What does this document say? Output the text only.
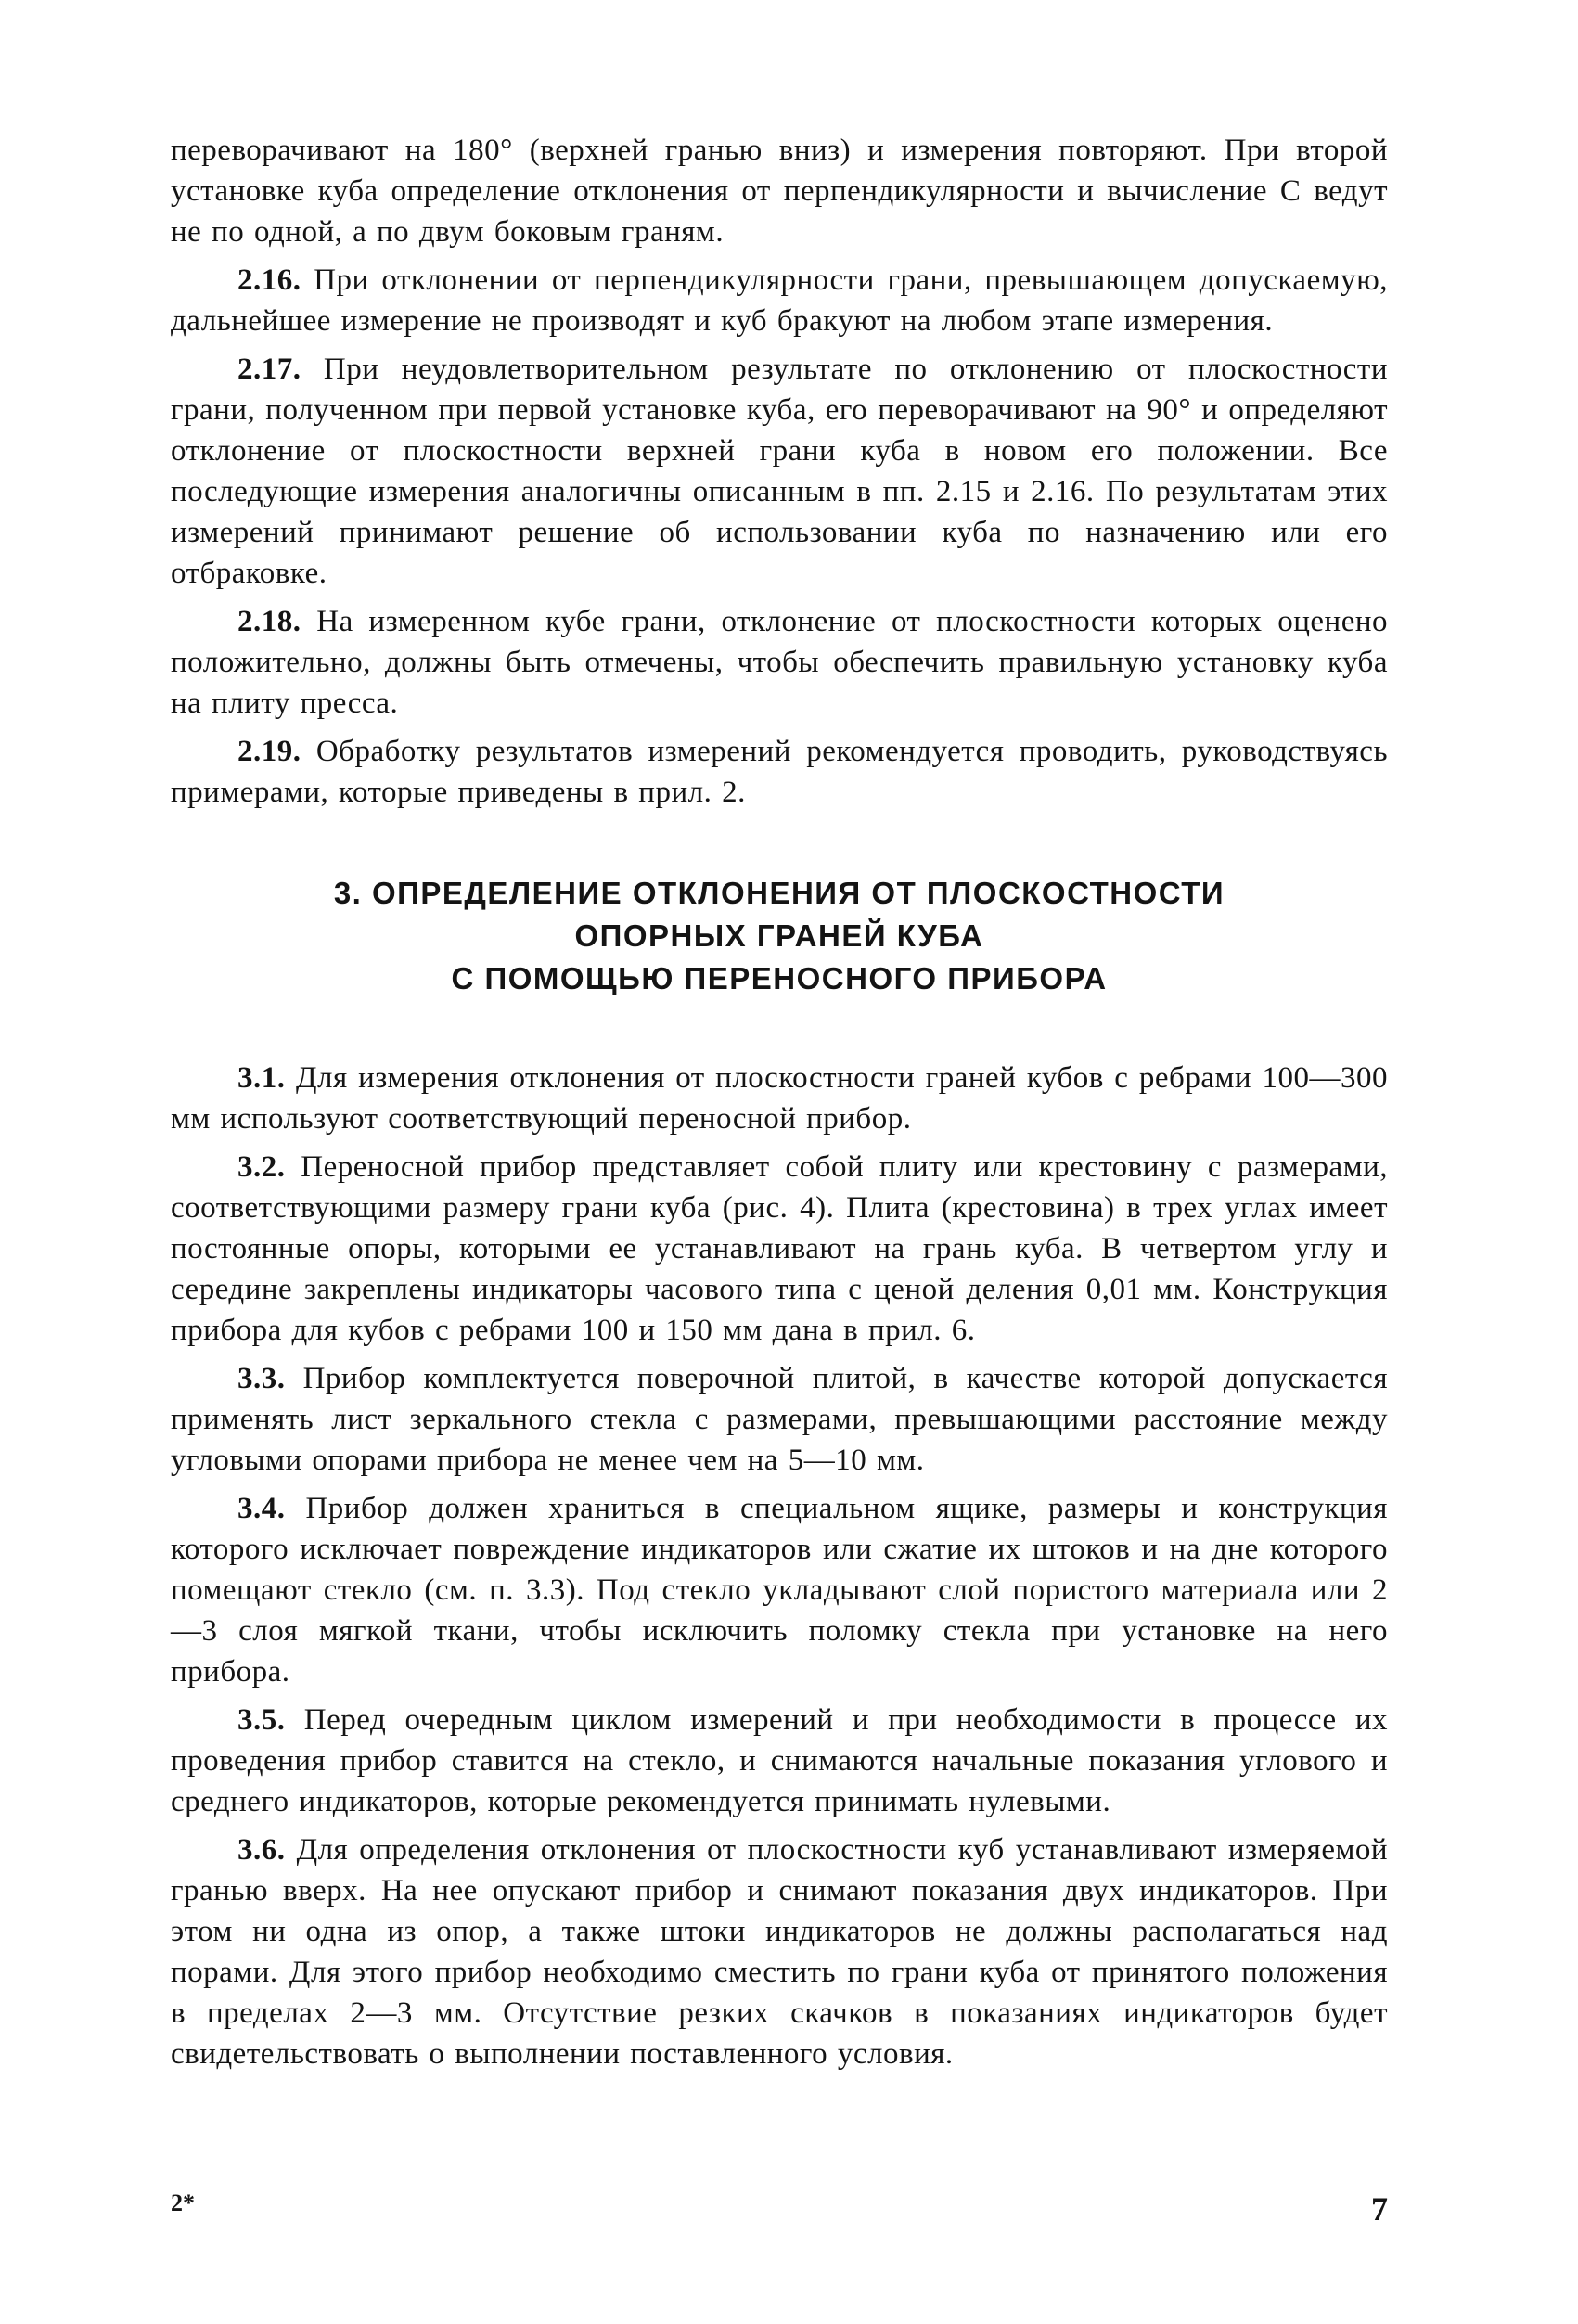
переворачивают на 180° (верхней гранью вниз) и измерения повторяют. При второй установке куба определение отклонения от перпендикулярности и вычисление C ведут не по одной, а по двум боковым граням.

2.16. При отклонении от перпендикулярности грани, превышающем допускаемую, дальнейшее измерение не производят и куб бракуют на любом этапе измерения.

2.17. При неудовлетворительном результате по отклонению от плоскостности грани, полученном при первой установке куба, его переворачивают на 90° и определяют отклонение от плоскостности верхней грани куба в новом его положении. Все последующие измерения аналогичны описанным в пп. 2.15 и 2.16. По результатам этих измерений принимают решение об использовании куба по назначению или его отбраковке.

2.18. На измеренном кубе грани, отклонение от плоскостности которых оценено положительно, должны быть отмечены, чтобы обеспечить правильную установку куба на плиту пресса.

2.19. Обработку результатов измерений рекомендуется проводить, руководствуясь примерами, которые приведены в прил. 2.

3. ОПРЕДЕЛЕНИЕ ОТКЛОНЕНИЯ ОТ ПЛОСКОСТНОСТИ
ОПОРНЫХ ГРАНЕЙ КУБА
С ПОМОЩЬЮ ПЕРЕНОСНОГО ПРИБОРА

3.1. Для измерения отклонения от плоскостности граней кубов с ребрами 100—300 мм используют соответствующий переносной прибор.

3.2. Переносной прибор представляет собой плиту или крестовину с размерами, соответствующими размеру грани куба (рис. 4). Плита (крестовина) в трех углах имеет постоянные опоры, которыми ее устанавливают на грань куба. В четвертом углу и середине закреплены индикаторы часового типа с ценой деления 0,01 мм. Конструкция прибора для кубов с ребрами 100 и 150 мм дана в прил. 6.

3.3. Прибор комплектуется поверочной плитой, в качестве которой допускается применять лист зеркального стекла с размерами, превышающими расстояние между угловыми опорами прибора не менее чем на 5—10 мм.

3.4. Прибор должен храниться в специальном ящике, размеры и конструкция которого исключает повреждение индикаторов или сжатие их штоков и на дне которого помещают стекло (см. п. 3.3). Под стекло укладывают слой пористого материала или 2—3 слоя мягкой ткани, чтобы исключить поломку стекла при установке на него прибора.

3.5. Перед очередным циклом измерений и при необходимости в процессе их проведения прибор ставится на стекло, и снимаются начальные показания углового и среднего индикаторов, которые рекомендуется принимать нулевыми.

3.6. Для определения отклонения от плоскостности куб устанавливают измеряемой гранью вверх. На нее опускают прибор и снимают показания двух индикаторов. При этом ни одна из опор, а также штоки индикаторов не должны располагаться над порами. Для этого прибор необходимо сместить по грани куба от принятого положения в пределах 2—3 мм. Отсутствие резких скачков в показаниях индикаторов будет свидетельствовать о выполнении поставленного условия.

2*	7
